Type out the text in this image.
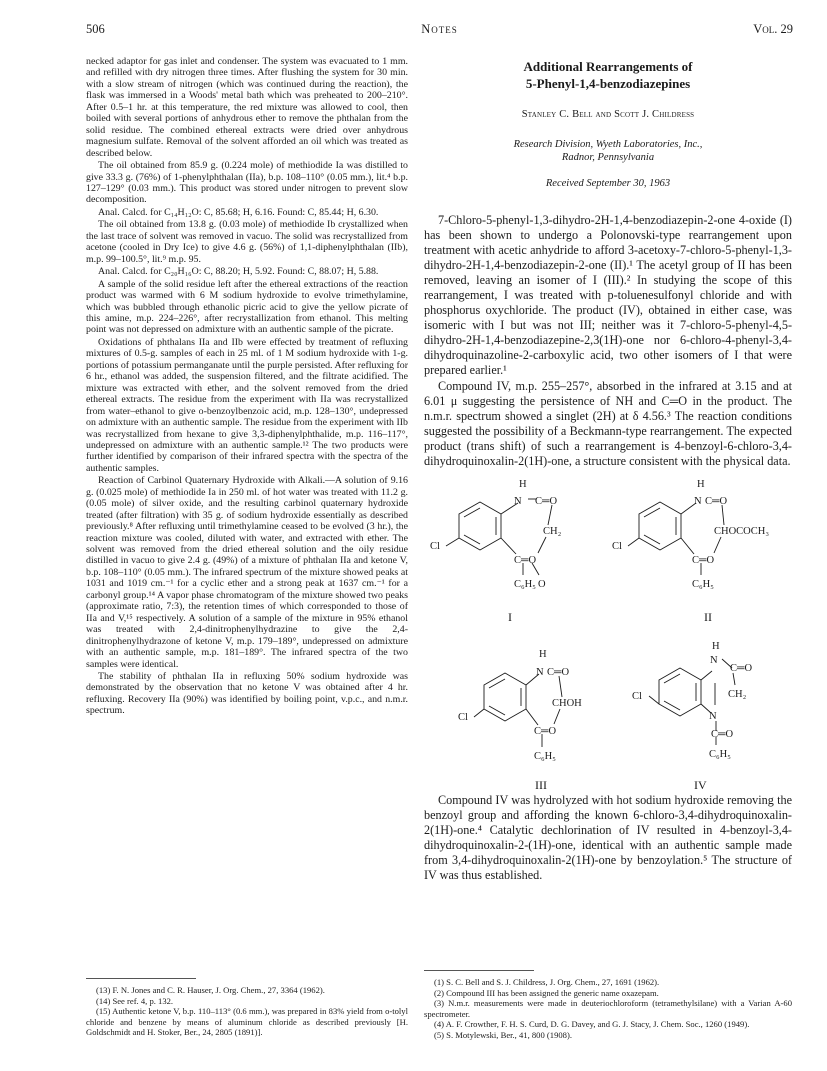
506	Notes	Vol. 29

necked adaptor for gas inlet and condenser. The system was evacuated to 1 mm. and refilled with dry nitrogen three times. After flushing the system for 30 min. with a slow stream of nitrogen (which was continued during the reaction), the flask was immersed in a Woods' metal bath which was preheated to 200–210°. After 0.5–1 hr. at this temperature, the red mixture was allowed to cool, then boiled with several portions of anhydrous ether to remove the phthalan from the solid residue. The combined ethereal extracts were dried over anhydrous magnesium sulfate. Removal of the solvent afforded an oil which was treated as described below.

The oil obtained from 85.9 g. (0.224 mole) of methiodide Ia was distilled to give 33.3 g. (76%) of 1-phenylphthalan (IIa), b.p. 108–110° (0.05 mm.), lit.⁴ b.p. 127–129° (0.03 mm.). This product was stored under nitrogen to prevent slow decomposition.

Anal. Calcd. for C₁₄H₁₂O: C, 85.68; H, 6.16. Found: C, 85.44; H, 6.30.

The oil obtained from 13.8 g. (0.03 mole) of methiodide Ib crystallized when the last trace of solvent was removed in vacuo. The solid was recrystallized from acetone (cooled in Dry Ice) to give 4.6 g. (56%) of 1,1-diphenylphthalan (IIb), m.p. 99–100.5°, lit.⁹ m.p. 95.

Anal. Calcd. for C₂₀H₁₆O: C, 88.20; H, 5.92. Found: C, 88.07; H, 5.88.

A sample of the solid residue left after the ethereal extractions of the reaction product was warmed with 6 M sodium hydroxide to evolve trimethylamine, which was bubbled through ethanolic picric acid to give the yellow picrate of this amine, m.p. 224–226°, after recrystallization from ethanol. This melting point was not depressed on admixture with an authentic sample of the picrate.

Oxidations of phthalans IIa and IIb were effected by treatment of refluxing mixtures of 0.5-g. samples of each in 25 ml. of 1 M sodium hydroxide with 1-g. portions of potassium permanganate until the purple persisted. After refluxing for 6 hr., ethanol was added, the suspension filtered, and the filtrate acidified. The mixture was extracted with ether, and the solvent removed from the dried ethereal extracts. The residue from the experiment with IIa was recrystallized from water–ethanol to give o-benzoylbenzoic acid, m.p. 128–130°, undepressed on admixture with an authentic sample. The residue from the experiment with IIb was recrystallized from hexane to give 3,3-diphenylphthalide, m.p. 116–117°, undepressed on admixture with an authentic sample.¹² The two products were further identified by comparison of their infrared spectra with the spectra of the authentic samples.

Reaction of Carbinol Quaternary Hydroxide with Alkali.—A solution of 9.16 g. (0.025 mole) of methiodide Ia in 250 ml. of hot water was treated with 11.2 g. (0.05 mole) of silver oxide, and the resulting carbinol quaternary hydroxide treated (after filtration) with 35 g. of sodium hydroxide essentially as described previously.⁸ After refluxing until trimethylamine ceased to be evolved (3 hr.), the reaction mixture was cooled, diluted with water, and extracted with ether. The solvent was removed from the dried ethereal solution and the oily residue distilled in vacuo to give 2.4 g. (49%) of a mixture of phthalan IIa and ketone V, b.p. 108–110° (0.05 mm.). The infrared spectrum of the mixture showed peaks at 1031 and 1019 cm.⁻¹ for a cyclic ether and a strong peak at 1637 cm.⁻¹ for a carbonyl group.¹⁴ A vapor phase chromatogram of the mixture showed two peaks (approximate ratio, 7:3), the retention times of which corresponded to those of IIa and V,¹⁵ respectively. A solution of a sample of the mixture in 95% ethanol was treated with 2,4-dinitrophenylhydrazine to give the 2,4-dinitrophenylhydrazone of ketone V, m.p. 179–189°, undepressed on admixture with an authentic sample, m.p. 181–189°. The infrared spectra of the two samples were identical.

The stability of phthalan IIa in refluxing 50% sodium hydroxide was demonstrated by the observation that no ketone V was obtained after 4 hr. refluxing. Recovery IIa (90%) was identified by boiling point, v.p.c., and n.m.r. spectrum.

(13) F. N. Jones and C. R. Hauser, J. Org. Chem., 27, 3364 (1962).

(14) See ref. 4, p. 132.

(15) Authentic ketone V, b.p. 110–113° (0.6 mm.), was prepared in 83% yield from o-tolyl chloride and benzene by means of aluminum chloride as described previously [H. Goldschmidt and H. Stoker, Ber., 24, 2805 (1891)].

Additional Rearrangements of
5-Phenyl-1,4-benzodiazepines
Stanley C. Bell and Scott J. Childress
Research Division, Wyeth Laboratories, Inc.,
Radnor, Pennsylvania
Received September 30, 1963

7-Chloro-5-phenyl-1,3-dihydro-2H-1,4-benzodiazepin-2-one 4-oxide (I) has been shown to undergo a Polonovski-type rearrangement upon treatment with acetic anhydride to afford 3-acetoxy-7-chloro-5-phenyl-1,3-dihydro-2H-1,4-benzodiazepin-2-one (II).¹ The acetyl group of II has been removed, leaving an isomer of I (III).² In studying the scope of this rearrangement, I was treated with p-toluenesulfonyl chloride and with phosphorus oxychloride. The product (IV), obtained in either case, was isomeric with I but was not III; neither was it 7-chloro-5-phenyl-4,5-dihydro-2H-1,4-benzodiazepine-2,3(1H)-one nor 6-chloro-4-phenyl-3,4-dihydroquinazoline-2-carboxylic acid, two other isomers of I that were prepared earlier.¹

Compound IV, m.p. 255–257°, absorbed in the infrared at 3.15 and at 6.01 μ suggesting the persistence of NH and C═O in the product. The n.m.r. spectrum showed a singlet (2H) at δ 4.56.³ The reaction conditions suggested the possibility of a Beckmann-type rearrangement. The expected product (trans shift) of such a rearrangement is 4-benzoyl-6-chloro-3,4-dihydroquinoxalin-2(1H)-one, a structure consistent with the physical data.

H
N C═O
CH₂
C═O
Cl
C₆H₅ O
I
H
N C═O
CHOCOCH₃
C═O
Cl
C₆H₅
II
H
N C═O
CHOH
C═O
Cl
C₆H₅
III
H
N
C═O
CH₂
N
C═O
C₆H₅
Cl
IV

Compound IV was hydrolyzed with hot sodium hydroxide removing the benzoyl group and affording the known 6-chloro-3,4-dihydroquinoxalin-2(1H)-one.⁴ Catalytic dechlorination of IV resulted in 4-benzoyl-3,4-dihydroquinoxalin-2-(1H)-one, identical with an authentic sample made from 3,4-dihydroquinoxalin-2(1H)-one by benzoylation.⁵ The structure of IV was thus established.

(1) S. C. Bell and S. J. Childress, J. Org. Chem., 27, 1691 (1962).

(2) Compound III has been assigned the generic name oxazepam.

(3) N.m.r. measurements were made in deuteriochloroform (tetramethylsilane) with a Varian A-60 spectrometer.

(4) A. F. Crowther, F. H. S. Curd, D. G. Davey, and G. J. Stacy, J. Chem. Soc., 1260 (1949).

(5) S. Motylewski, Ber., 41, 800 (1908).
